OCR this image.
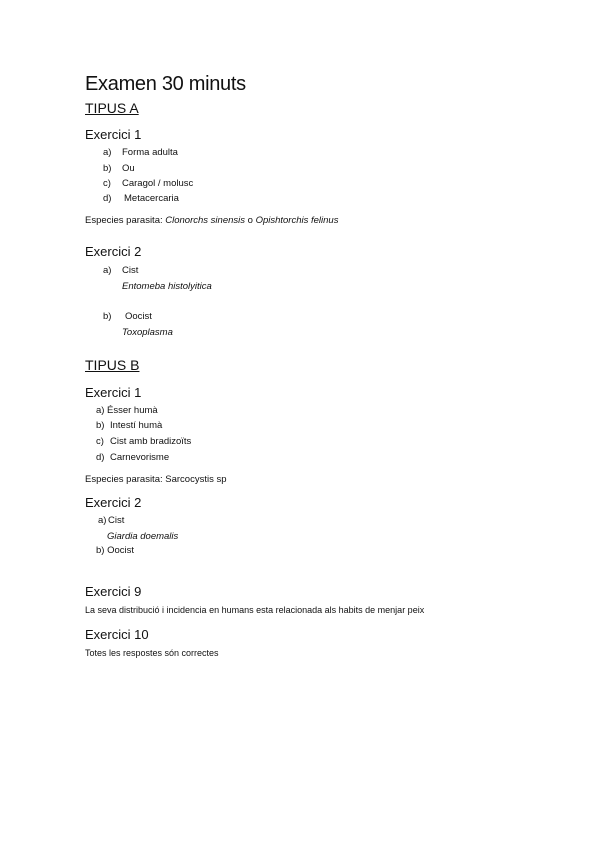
Examen 30 minuts
TIPUS A
Exercici 1
a) Forma adulta
b) Ou
c) Caragol / molusc
d) Metacercaria
Especies parasita: Clonorchs sinensis o Opishtorchis felinus
Exercici 2
a) Cist
Entomeba histolyitica
b) Oocist
Toxoplasma
TIPUS B
Exercici 1
a) Ésser humà
b) Intestí humà
c) Cist amb bradizoïts
d) Carnevorisme
Especies parasita: Sarcocystis sp
Exercici 2
a) Cist
Giardia doemalis
b) Oocist
Exercici 9
La seva distribució i incidencia en humans esta relacionada als habits de menjar peix
Exercici 10
Totes les respostes són correctes
